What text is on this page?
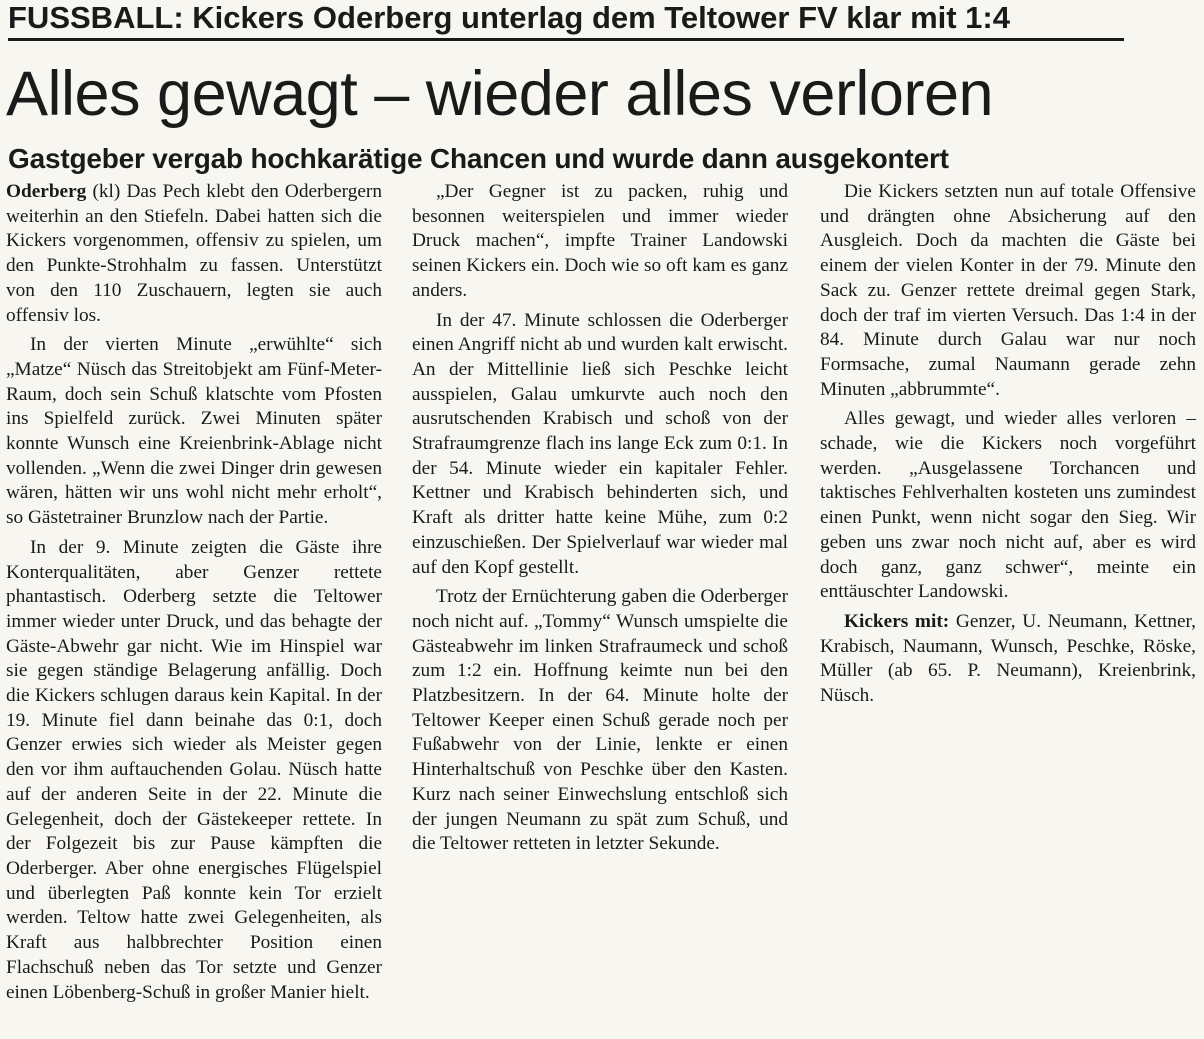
FUSSBALL: Kickers Oderberg unterlag dem Teltower FV klar mit 1:4
Alles gewagt – wieder alles verloren
Gastgeber vergab hochkarätige Chancen und wurde dann ausgekontert

Oderberg (kl) Das Pech klebt den Oderbergern weiterhin an den Stiefeln. Dabei hatten sich die Kickers vorgenommen, offensiv zu spielen, um den Punkte-Strohhalm zu fassen. Unterstützt von den 110 Zuschauern, legten sie auch offensiv los.

In der vierten Minute „erwühlte“ sich „Matze“ Nüsch das Streitobjekt am Fünf-Meter-Raum, doch sein Schuß klatschte vom Pfosten ins Spielfeld zurück. Zwei Minuten später konnte Wunsch eine Kreienbrink-Ablage nicht vollenden. „Wenn die zwei Dinger drin gewesen wären, hätten wir uns wohl nicht mehr erholt“, so Gästetrainer Brunzlow nach der Partie.

In der 9. Minute zeigten die Gäste ihre Konterqualitäten, aber Genzer rettete phantastisch. Oderberg setzte die Teltower immer wieder unter Druck, und das behagte der Gäste-Abwehr gar nicht. Wie im Hinspiel war sie gegen ständige Belagerung anfällig. Doch die Kickers schlugen daraus kein Kapital. In der 19. Minute fiel dann beinahe das 0:1, doch Genzer erwies sich wieder als Meister gegen den vor ihm auftauchenden Golau. Nüsch hatte auf der anderen Seite in der 22. Minute die Gelegenheit, doch der Gästekeeper rettete. In der Folgezeit bis zur Pause kämpften die Oderberger. Aber ohne energisches Flügelspiel und überlegten Paß konnte kein Tor erzielt werden. Teltow hatte zwei Gelegenheiten, als Kraft aus halbbrechter Position einen Flachschuß neben das Tor setzte und Genzer einen Löbenberg-Schuß in großer Manier hielt.

„Der Gegner ist zu packen, ruhig und besonnen weiterspielen und immer wieder Druck machen“, impfte Trainer Landowski seinen Kickers ein. Doch wie so oft kam es ganz anders.

In der 47. Minute schlossen die Oderberger einen Angriff nicht ab und wurden kalt erwischt. An der Mittellinie ließ sich Peschke leicht ausspielen, Galau umkurvte auch noch den ausrutschenden Krabisch und schoß von der Strafraumgrenze flach ins lange Eck zum 0:1. In der 54. Minute wieder ein kapitaler Fehler. Kettner und Krabisch behinderten sich, und Kraft als dritter hatte keine Mühe, zum 0:2 einzuschießen. Der Spielverlauf war wieder mal auf den Kopf gestellt.

Trotz der Ernüchterung gaben die Oderberger noch nicht auf. „Tommy“ Wunsch umspielte die Gästeabwehr im linken Strafraumeck und schoß zum 1:2 ein. Hoffnung keimte nun bei den Platzbesitzern. In der 64. Minute holte der Teltower Keeper einen Schuß gerade noch per Fußabwehr von der Linie, lenkte er einen Hinterhaltschuß von Peschke über den Kasten. Kurz nach seiner Einwechslung entschloß sich der jungen Neumann zu spät zum Schuß, und die Teltower retteten in letzter Sekunde.

Die Kickers setzten nun auf totale Offensive und drängten ohne Absicherung auf den Ausgleich. Doch da machten die Gäste bei einem der vielen Konter in der 79. Minute den Sack zu. Genzer rettete dreimal gegen Stark, doch der traf im vierten Versuch. Das 1:4 in der 84. Minute durch Galau war nur noch Formsache, zumal Naumann gerade zehn Minuten „abbrummte“.

Alles gewagt, und wieder alles verloren – schade, wie die Kickers noch vorgeführt werden. „Ausgelassene Torchancen und taktisches Fehlverhalten kosteten uns zumindest einen Punkt, wenn nicht sogar den Sieg. Wir geben uns zwar noch nicht auf, aber es wird doch ganz, ganz schwer“, meinte ein enttäuschter Landowski.

Kickers mit: Genzer, U. Neumann, Kettner, Krabisch, Naumann, Wunsch, Peschke, Röske, Müller (ab 65. P. Neumann), Kreienbrink, Nüsch.
